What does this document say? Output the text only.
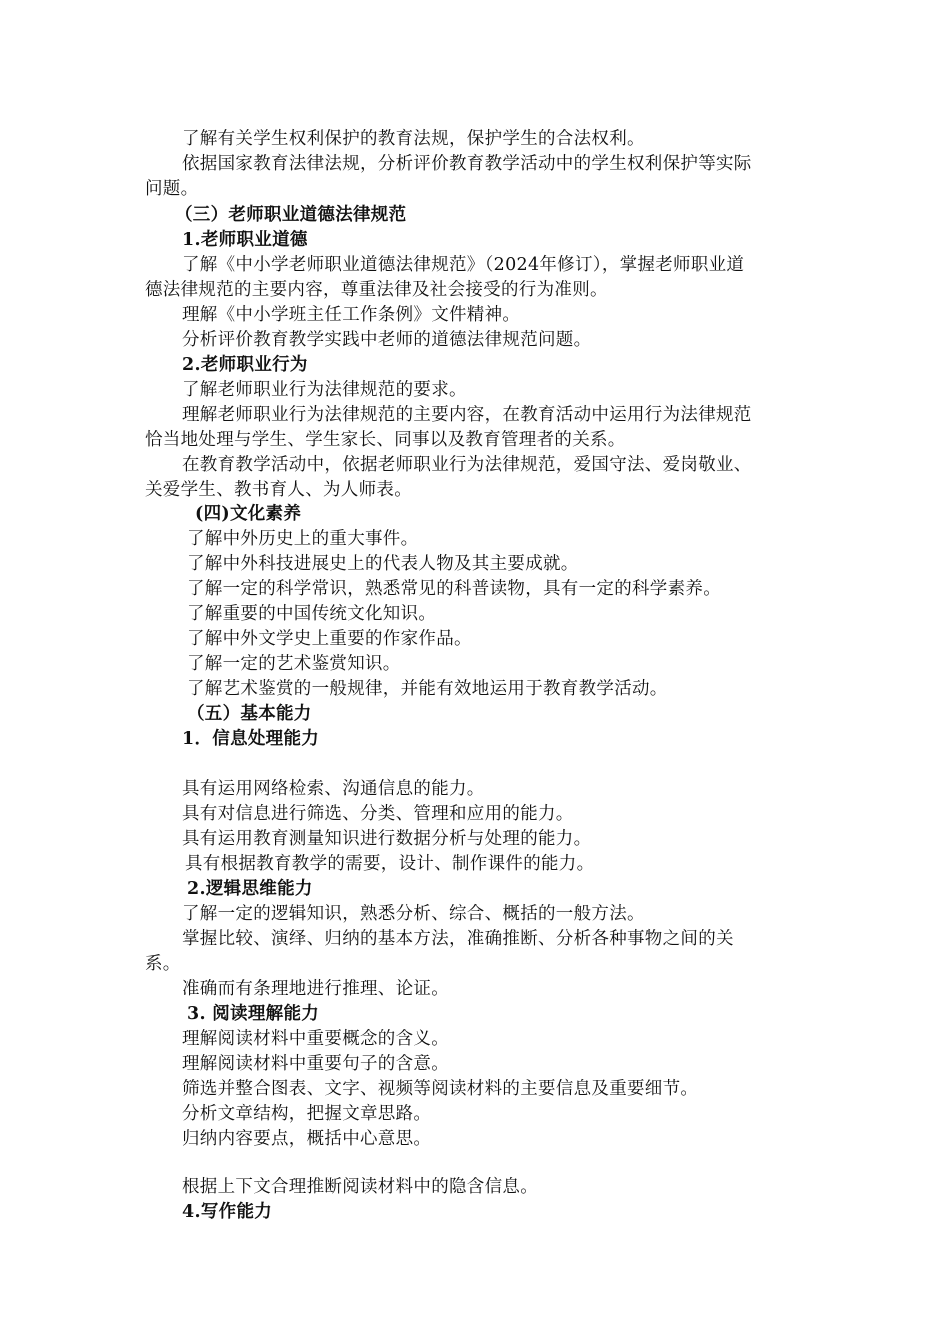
了解有关学生权利保护的教育法规，保护学生的合法权利。
依据国家教育法律法规，分析评价教育教学活动中的学生权利保护等实际
问题。
（三）老师职业道德法律规范
1.老师职业道德
了解《中小学老师职业道德法律规范》（2024年修订），掌握老师职业道
德法律规范的主要内容，尊重法律及社会接受的行为准则。
理解《中小学班主任工作条例》文件精神。
分析评价教育教学实践中老师的道德法律规范问题。
2.老师职业行为
了解老师职业行为法律规范的要求。
理解老师职业行为法律规范的主要内容，在教育活动中运用行为法律规范
恰当地处理与学生、学生家长、同事以及教育管理者的关系。
在教育教学活动中，依据老师职业行为法律规范，爱国守法、爱岗敬业、
关爱学生、教书育人、为人师表。
(四)文化素养
了解中外历史上的重大事件。
了解中外科技进展史上的代表人物及其主要成就。
了解一定的科学常识，熟悉常见的科普读物，具有一定的科学素养。
了解重要的中国传统文化知识。
了解中外文学史上重要的作家作品。
了解一定的艺术鉴赏知识。
了解艺术鉴赏的一般规律，并能有效地运用于教育教学活动。
（五）基本能力
1．信息处理能力
具有运用网络检索、沟通信息的能力。
具有对信息进行筛选、分类、管理和应用的能力。
具有运用教育测量知识进行数据分析与处理的能力。
具有根据教育教学的需要，设计、制作课件的能力。
2.逻辑思维能力
了解一定的逻辑知识，熟悉分析、综合、概括的一般方法。
掌握比较、演绎、归纳的基本方法，准确推断、分析各种事物之间的关
系。
准确而有条理地进行推理、论证。
3. 阅读理解能力
理解阅读材料中重要概念的含义。
理解阅读材料中重要句子的含意。
筛选并整合图表、文字、视频等阅读材料的主要信息及重要细节。
分析文章结构，把握文章思路。
归纳内容要点，概括中心意思。
根据上下文合理推断阅读材料中的隐含信息。
4.写作能力
